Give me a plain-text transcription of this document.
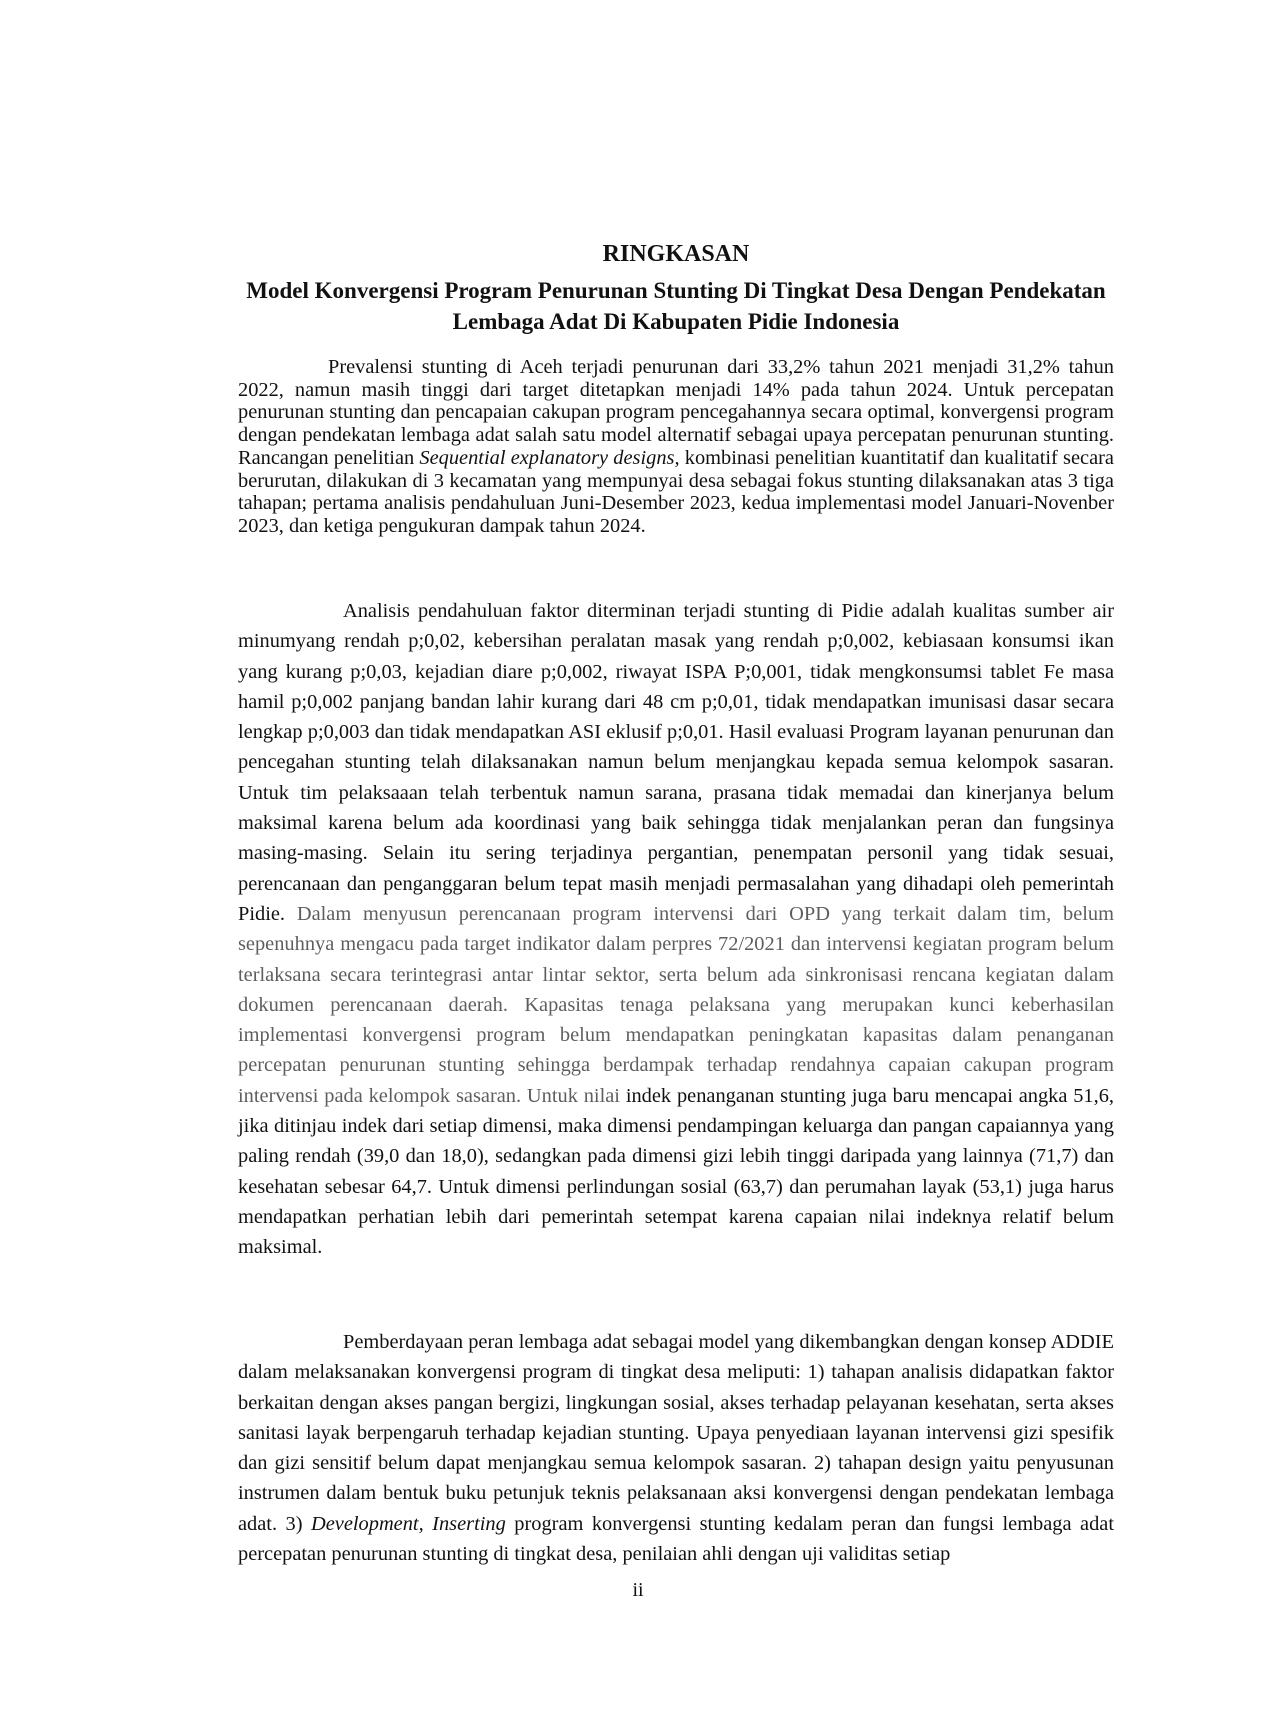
RINGKASAN
Model Konvergensi Program Penurunan Stunting Di Tingkat Desa Dengan Pendekatan Lembaga Adat Di Kabupaten Pidie Indonesia

Prevalensi stunting di Aceh terjadi penurunan dari 33,2% tahun 2021 menjadi 31,2% tahun 2022, namun masih tinggi dari target ditetapkan menjadi 14% pada tahun 2024. Untuk percepatan penurunan stunting dan pencapaian cakupan program pencegahannya secara optimal, konvergensi program dengan pendekatan lembaga adat salah satu model alternatif sebagai upaya percepatan penurunan stunting. Rancangan penelitian Sequential explanatory designs, kombinasi penelitian kuantitatif dan kualitatif secara berurutan, dilakukan di 3 kecamatan yang mempunyai desa sebagai fokus stunting dilaksanakan atas 3 tiga tahapan; pertama analisis pendahuluan Juni-Desember 2023, kedua implementasi model Januari-Novenber 2023, dan ketiga pengukuran dampak tahun 2024.

Analisis pendahuluan faktor diterminan terjadi stunting di Pidie adalah kualitas sumber air minumyang rendah p;0,02, kebersihan peralatan masak yang rendah p;0,002, kebiasaan konsumsi ikan yang kurang p;0,03, kejadian diare p;0,002, riwayat ISPA P;0,001, tidak mengkonsumsi tablet Fe masa hamil p;0,002 panjang bandan lahir kurang dari 48 cm p;0,01, tidak mendapatkan imunisasi dasar secara lengkap p;0,003 dan tidak mendapatkan ASI eklusif p;0,01. Hasil evaluasi Program layanan penurunan dan pencegahan stunting telah dilaksanakan namun belum menjangkau kepada semua kelompok sasaran. Untuk tim pelaksaaan telah terbentuk namun sarana, prasana tidak memadai dan kinerjanya belum maksimal karena belum ada koordinasi yang baik sehingga tidak menjalankan peran dan fungsinya masing-masing. Selain itu sering terjadinya pergantian, penempatan personil yang tidak sesuai, perencanaan dan penganggaran belum tepat masih menjadi permasalahan yang dihadapi oleh pemerintah Pidie. Dalam menyusun perencanaan program intervensi dari OPD yang terkait dalam tim, belum sepenuhnya mengacu pada target indikator dalam perpres 72/2021 dan intervensi kegiatan program belum terlaksana secara terintegrasi antar lintar sektor, serta belum ada sinkronisasi rencana kegiatan dalam dokumen perencanaan daerah. Kapasitas tenaga pelaksana yang merupakan kunci keberhasilan implementasi konvergensi program belum mendapatkan peningkatan kapasitas dalam penanganan percepatan penurunan stunting sehingga berdampak terhadap rendahnya capaian cakupan program intervensi pada kelompok sasaran. Untuk nilai indek penanganan stunting juga baru mencapai angka 51,6, jika ditinjau indek dari setiap dimensi, maka dimensi pendampingan keluarga dan pangan capaiannya yang paling rendah (39,0 dan 18,0), sedangkan pada dimensi gizi lebih tinggi daripada yang lainnya (71,7) dan kesehatan sebesar 64,7. Untuk dimensi perlindungan sosial (63,7) dan perumahan layak (53,1) juga harus mendapatkan perhatian lebih dari pemerintah setempat karena capaian nilai indeknya relatif belum maksimal.

Pemberdayaan peran lembaga adat sebagai model yang dikembangkan dengan konsep ADDIE dalam melaksanakan konvergensi program di tingkat desa meliputi: 1) tahapan analisis didapatkan faktor berkaitan dengan akses pangan bergizi, lingkungan sosial, akses terhadap pelayanan kesehatan, serta akses sanitasi layak berpengaruh terhadap kejadian stunting. Upaya penyediaan layanan intervensi gizi spesifik dan gizi sensitif belum dapat menjangkau semua kelompok sasaran. 2) tahapan design yaitu penyusunan instrumen dalam bentuk buku petunjuk teknis pelaksanaan aksi konvergensi dengan pendekatan lembaga adat. 3) Development, Inserting program konvergensi stunting kedalam peran dan fungsi lembaga adat percepatan penurunan stunting di tingkat desa, penilaian ahli dengan uji validitas setiap

ii
